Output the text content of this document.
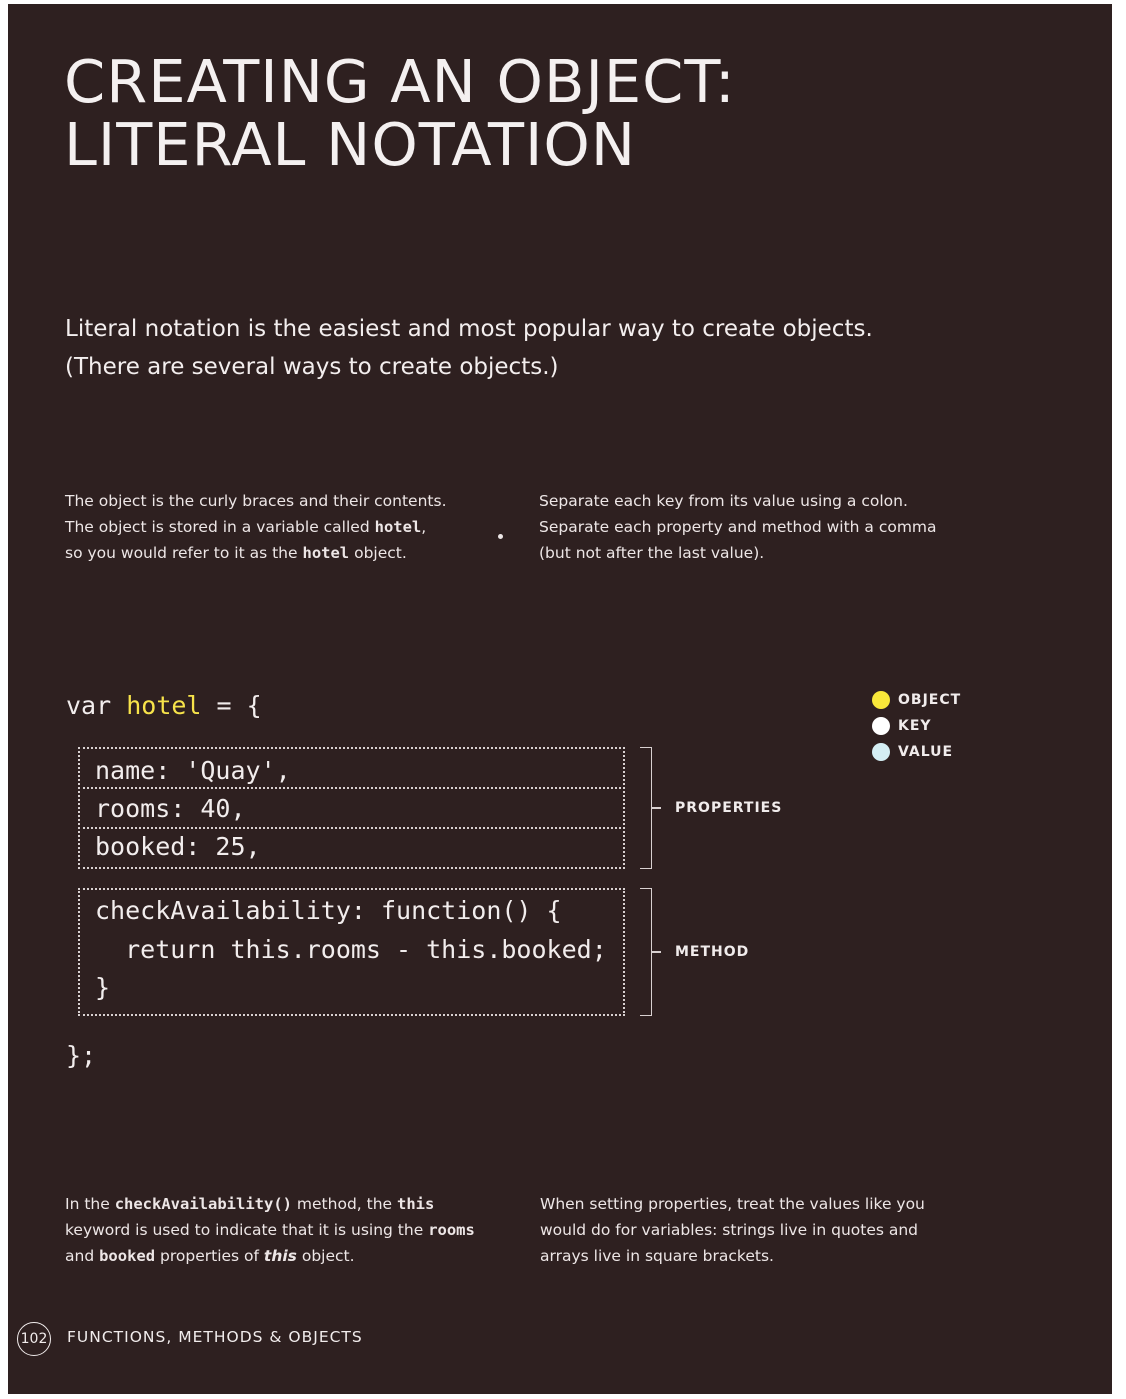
CREATING AN OBJECT:
LITERAL NOTATION
Literal notation is the easiest and most popular way to create objects.
(There are several ways to create objects.)
The object is the curly braces and their contents.
The object is stored in a variable called hotel,
so you would refer to it as the hotel object.
Separate each key from its value using a colon.
Separate each property and method with a comma
(but not after the last value).
var hotel = {
name: 'Quay',
rooms: 40,
booked: 25,
checkAvailability: function() {
return this.rooms - this.booked;
}
};
PROPERTIES
METHOD
OBJECT
KEY
VALUE
In the checkAvailability() method, the this
keyword is used to indicate that it is using the rooms
and booked properties of this object.
When setting properties, treat the values like you
would do for variables: strings live in quotes and
arrays live in square brackets.
102 FUNCTIONS, METHODS & OBJECTS
